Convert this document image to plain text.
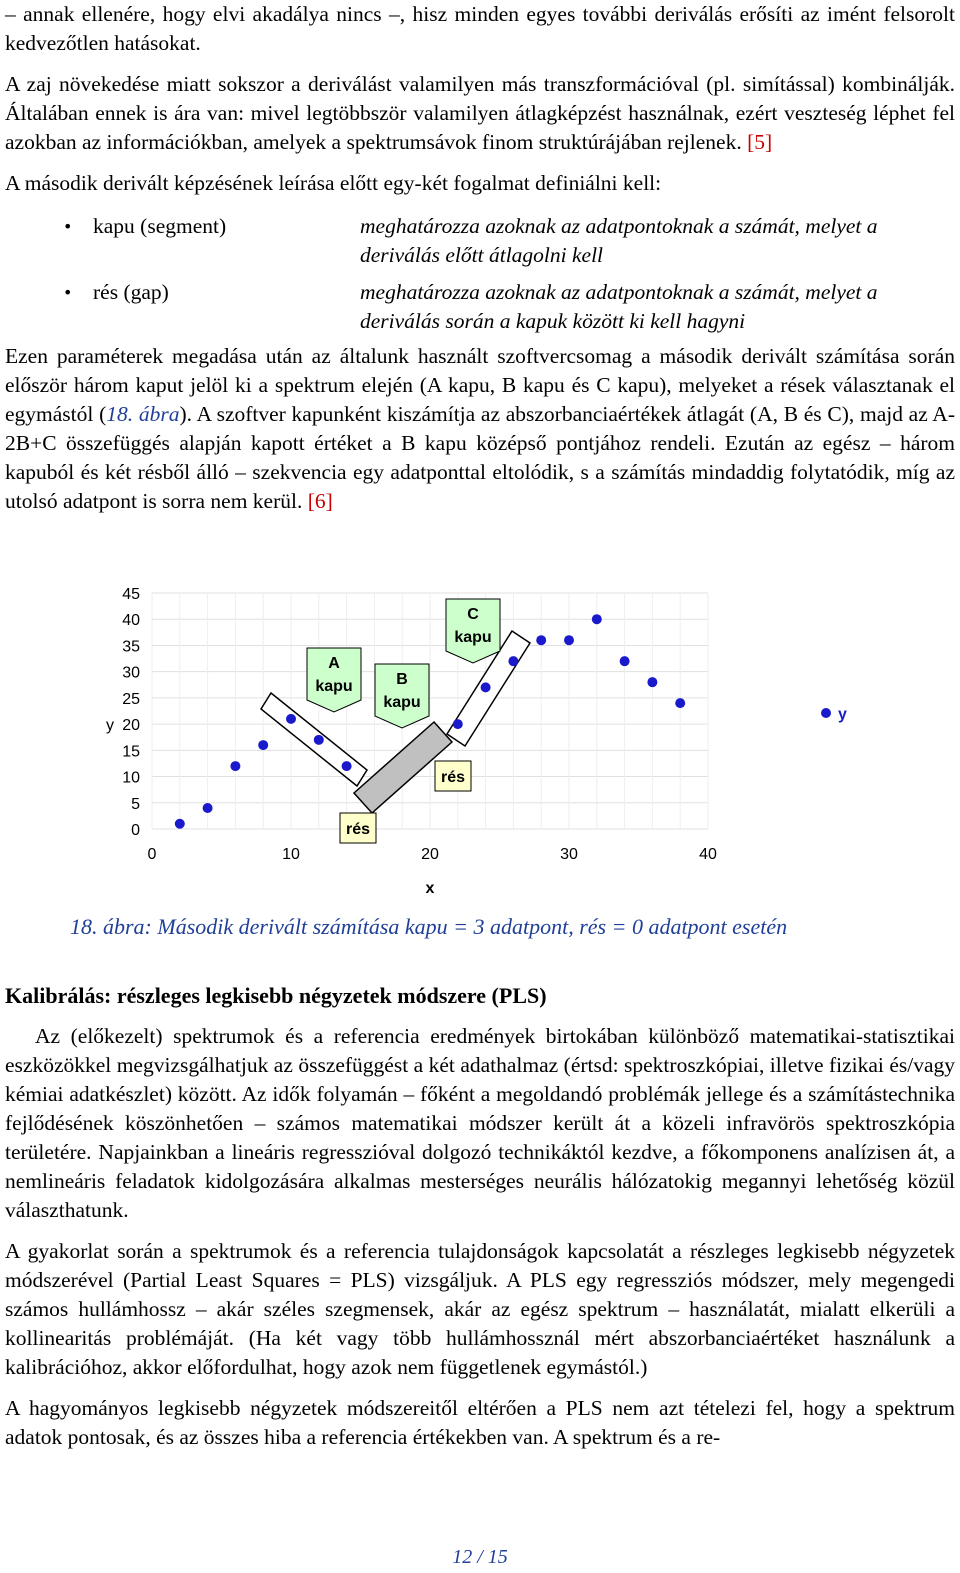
– annak ellenére, hogy elvi akadálya nincs –, hisz minden egyes további deriválás erősíti az imént felsorolt kedvezőtlen hatásokat.

A zaj növekedése miatt sokszor a deriválást valamilyen más transzformációval (pl. simítással) kombinálják. Általában ennek is ára van: mivel legtöbbször valamilyen átlagképzést használnak, ezért veszteség léphet fel azokban az információkban, amelyek a spektrumsávok finom struktúrájában rejlenek. [5]

A második derivált képzésének leírása előtt egy-két fogalmat definiálni kell:

• kapu (segment)	meghatározza azoknak az adatpontoknak a számát, melyet a deriválás előtt átlagolni kell
• rés (gap)	meghatározza azoknak az adatpontoknak a számát, melyet a deriválás során a kapuk között ki kell hagyni

Ezen paraméterek megadása után az általunk használt szoftvercsomag a második derivált számítása során először három kaput jelöl ki a spektrum elején (A kapu, B kapu és C kapu), melyeket a rések választanak el egymástól (18. ábra). A szoftver kapunként kiszámítja az abszorbanciaértékek átlagát (A, B és C), majd az A-2B+C összefüggés alapján kapott értéket a B kapu középső pontjához rendeli. Ezután az egész – három kapuból és két résből álló – szekvencia egy adatponttal eltolódik, s a számítás mindaddig folytatódik, míg az utolsó adatpont is sorra nem kerül. [6]

0
5
10
15
20
25
30
35
40
45
0	10	20	30	40
y
x
A
kapu	B
kapu
C
kapu
rés
rés
y
18. ábra: Második derivált számítása kapu = 3 adatpont, rés = 0 adatpont esetén
Kalibrálás: részleges legkisebb négyzetek módszere (PLS)

Az (előkezelt) spektrumok és a referencia eredmények birtokában különböző matematikai-statisztikai eszközökkel megvizsgálhatjuk az összefüggést a két adathalmaz (értsd: spektroszkópiai, illetve fizikai és/vagy kémiai adatkészlet) között. Az idők folyamán – főként a megoldandó problémák jellege és a számítástechnika fejlődésének köszönhetően – számos matematikai módszer került át a közeli infravörös spektroszkópia területére. Napjainkban a lineáris regresszióval dolgozó technikáktól kezdve, a főkomponens analízisen át, a nemlineáris feladatok kidolgozására alkalmas mesterséges neurális hálózatokig megannyi lehetőség közül választhatunk.

A gyakorlat során a spektrumok és a referencia tulajdonságok kapcsolatát a részleges legkisebb négyzetek módszerével (Partial Least Squares = PLS) vizsgáljuk. A PLS egy regressziós módszer, mely megengedi számos hullámhossz – akár széles szegmensek, akár az egész spektrum – használatát, mialatt elkerüli a kollinearitás problémáját. (Ha két vagy több hullámhossznál mért abszorbanciaértéket használunk a kalibrációhoz, akkor előfordulhat, hogy azok nem függetlenek egymástól.)

A hagyományos legkisebb négyzetek módszereitől eltérően a PLS nem azt tételezi fel, hogy a spektrum adatok pontosak, és az összes hiba a referencia értékekben van. A spektrum és a re-

12 / 15
